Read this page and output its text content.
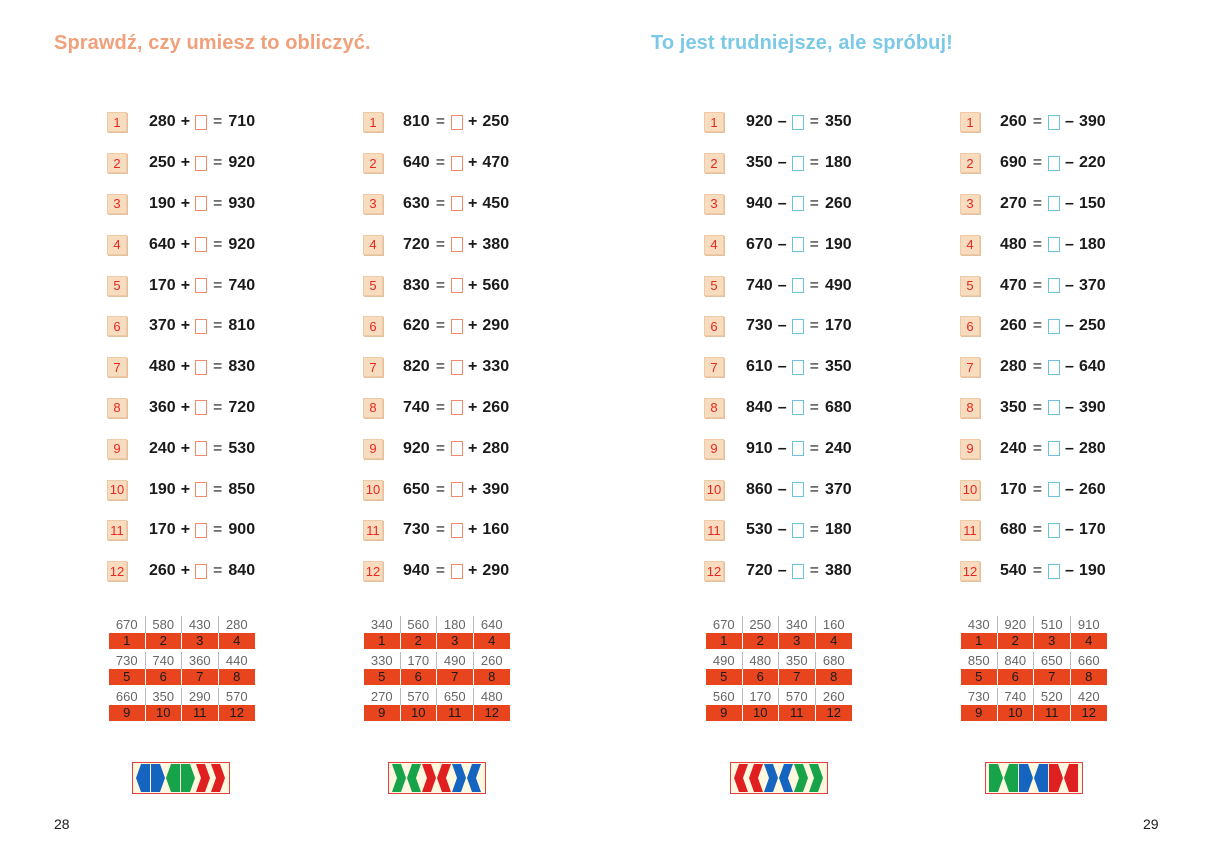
Sprawdź, czy umiesz to obliczyć.	To jest trudniejsze, ale spróbuj!
1	280 + = 710
2	250 + = 920
3	190 + = 930
4	640 + = 920
5	170 + = 740
6	370 + = 810
7	480 + = 830
8	360 + = 720
9	240 + = 530
10 190 + = 850
11 170 + = 900
12 260 + = 840
1	810 = + 250
2	640 = + 470
3	630 = + 450
4	720 = + 380
5	830 = + 560
6	620 = + 290
7	820 = + 330
8	740 = + 260
9	920 = + 280
10 650 = + 390
11 730 = + 160
12 940 = + 290
1	920 – = 350
2	350 – = 180
3	940 – = 260
4	670 – = 190
5	740 – = 490
6	730 – = 170
7	610 – = 350
8	840 – = 680
9	910 – = 240
10 860 – = 370
11 530 – = 180
12 720 – = 380
1	260 = – 390
2	690 = – 220
3	270 = – 150
4	480 = – 180
5	470 = – 370
6	260 = – 250
7	280 = – 640
8	350 = – 390
9	240 = – 280
10 170 = – 260
11 680 = – 170
12 540 = – 190
670	580	430	280
1	2	3	4
730	740	360	440
5	6	7	8
660	350	290	570
9	10	11	12
340	560	180	640
1	2	3	4
330	170	490	260
5	6	7	8
270	570	650	480
9	10	11	12
670	250	340	160
1	2	3	4
490	480	350	680
5	6	7	8
560	170	570	260
9	10	11	12
430	920	510	910
1	2	3	4
850	840	650	660
5	6	7	8
730	740	520	420
9	10	11	12
28	29
